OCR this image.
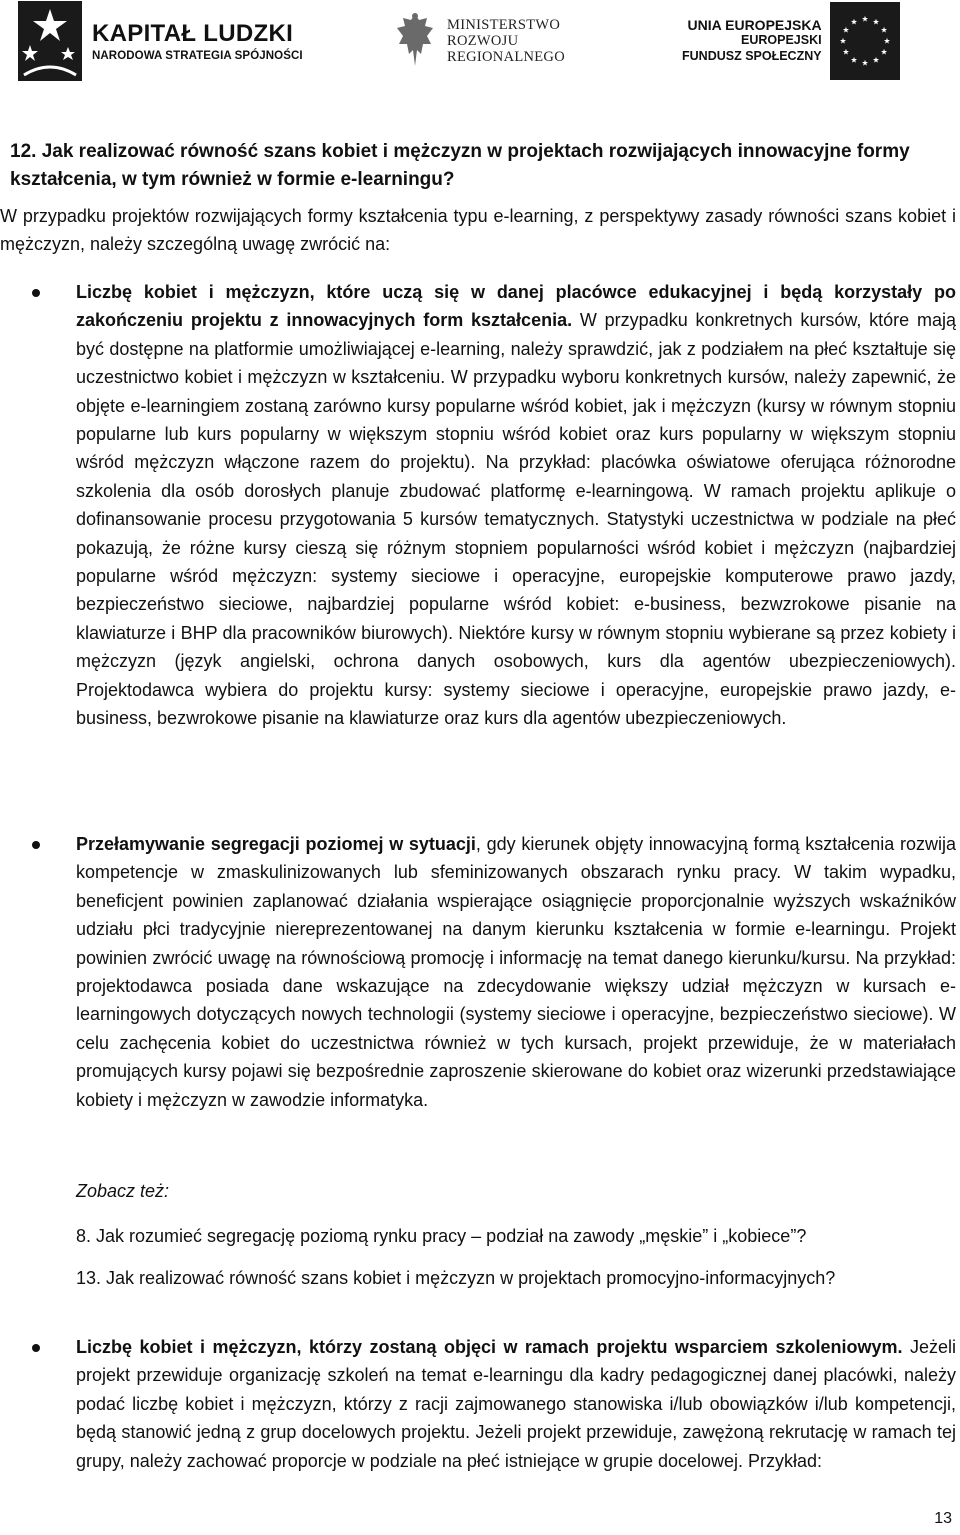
KAPITAŁ LUDZKI
NARODOWA STRATEGIA SPÓJNOŚCI
MINISTERSTWO
ROZWOJU
REGIONALNEGO
UNIA EUROPEJSKA
EUROPEJSKI
FUNDUSZ SPOŁECZNY
12. Jak realizować równość szans kobiet i mężczyzn w projektach rozwijających innowacyjne formy kształcenia, w tym również w formie e-learningu?

W przypadku projektów rozwijających formy kształcenia typu e-learning, z perspektywy zasady równości szans kobiet i mężczyzn, należy szczególną uwagę zwrócić na:

Liczbę kobiet i mężczyzn, które uczą się w danej placówce edukacyjnej i będą korzystały po zakończeniu projektu z innowacyjnych form kształcenia. W przypadku konkretnych kursów, które mają być dostępne na platformie umożliwiającej e-learning, należy sprawdzić, jak z podziałem na płeć kształtuje się uczestnictwo kobiet i mężczyzn w kształceniu. W przypadku wyboru konkretnych kursów, należy zapewnić, że objęte e-learningiem zostaną zarówno kursy popularne wśród kobiet, jak i mężczyzn (kursy w równym stopniu popularne lub kurs popularny w większym stopniu wśród kobiet oraz kurs popularny w większym stopniu wśród mężczyzn włączone razem do projektu). Na przykład: placówka oświatowe oferująca różnorodne szkolenia dla osób dorosłych planuje zbudować platformę e-learningową. W ramach projektu aplikuje o dofinansowanie procesu przygotowania 5 kursów tematycznych. Statystyki uczestnictwa w podziale na płeć pokazują, że różne kursy cieszą się różnym stopniem popularności wśród kobiet i mężczyzn (najbardziej popularne wśród mężczyzn: systemy sieciowe i operacyjne, europejskie komputerowe prawo jazdy, bezpieczeństwo sieciowe, najbardziej popularne wśród kobiet: e-business, bezwzrokowe pisanie na klawiaturze i BHP dla pracowników biurowych). Niektóre kursy w równym stopniu wybierane są przez kobiety i mężczyzn (język angielski, ochrona danych osobowych, kurs dla agentów ubezpieczeniowych). Projektodawca wybiera do projektu kursy: systemy sieciowe i operacyjne, europejskie prawo jazdy, e-business, bezwrokowe pisanie na klawiaturze oraz kurs dla agentów ubezpieczeniowych.
Przełamywanie segregacji poziomej w sytuacji, gdy kierunek objęty innowacyjną formą kształcenia rozwija kompetencje w zmaskulinizowanych lub sfeminizowanych obszarach rynku pracy. W takim wypadku, beneficjent powinien zaplanować działania wspierające osiągnięcie proporcjonalnie wyższych wskaźników udziału płci tradycyjnie niereprezentowanej na danym kierunku kształcenia w formie e-learningu. Projekt powinien zwrócić uwagę na równościową promocję i informację na temat danego kierunku/kursu. Na przykład: projektodawca posiada dane wskazujące na zdecydowanie większy udział mężczyzn w kursach e-learningowych dotyczących nowych technologii (systemy sieciowe i operacyjne, bezpieczeństwo sieciowe). W celu zachęcenia kobiet do uczestnictwa również w tych kursach, projekt przewiduje, że w materiałach promujących kursy pojawi się bezpośrednie zaproszenie skierowane do kobiet oraz wizerunki przedstawiające kobiety i mężczyzn w zawodzie informatyka.
Zobacz też:
8. Jak rozumieć segregację poziomą rynku pracy – podział na zawody „męskie” i „kobiece”?
13. Jak realizować równość szans kobiet i mężczyzn w projektach promocyjno-informacyjnych?
Liczbę kobiet i mężczyzn, którzy zostaną objęci w ramach projektu wsparciem szkoleniowym. Jeżeli projekt przewiduje organizację szkoleń na temat e-learningu dla kadry pedagogicznej danej placówki, należy podać liczbę kobiet i mężczyzn, którzy z racji zajmowanego stanowiska i/lub obowiązków i/lub kompetencji, będą stanowić jedną z grup docelowych projektu. Jeżeli projekt przewiduje, zawężoną rekrutację w ramach tej grupy, należy zachować proporcje w podziale na płeć istniejące w grupie docelowej. Przykład:
13
